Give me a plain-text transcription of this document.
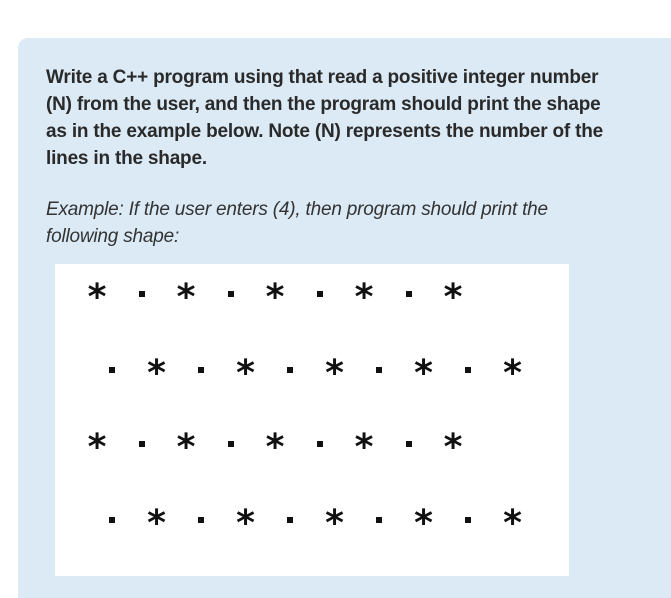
Write a C++ program using that read a positive integer number (N) from the user, and then the program should print the shape as in the example below. Note (N) represents the number of the lines in the shape.
Example: If the user enters (4), then program should print the following shape:
* * * * *
* * * * *
* * * * *
* * * * *
